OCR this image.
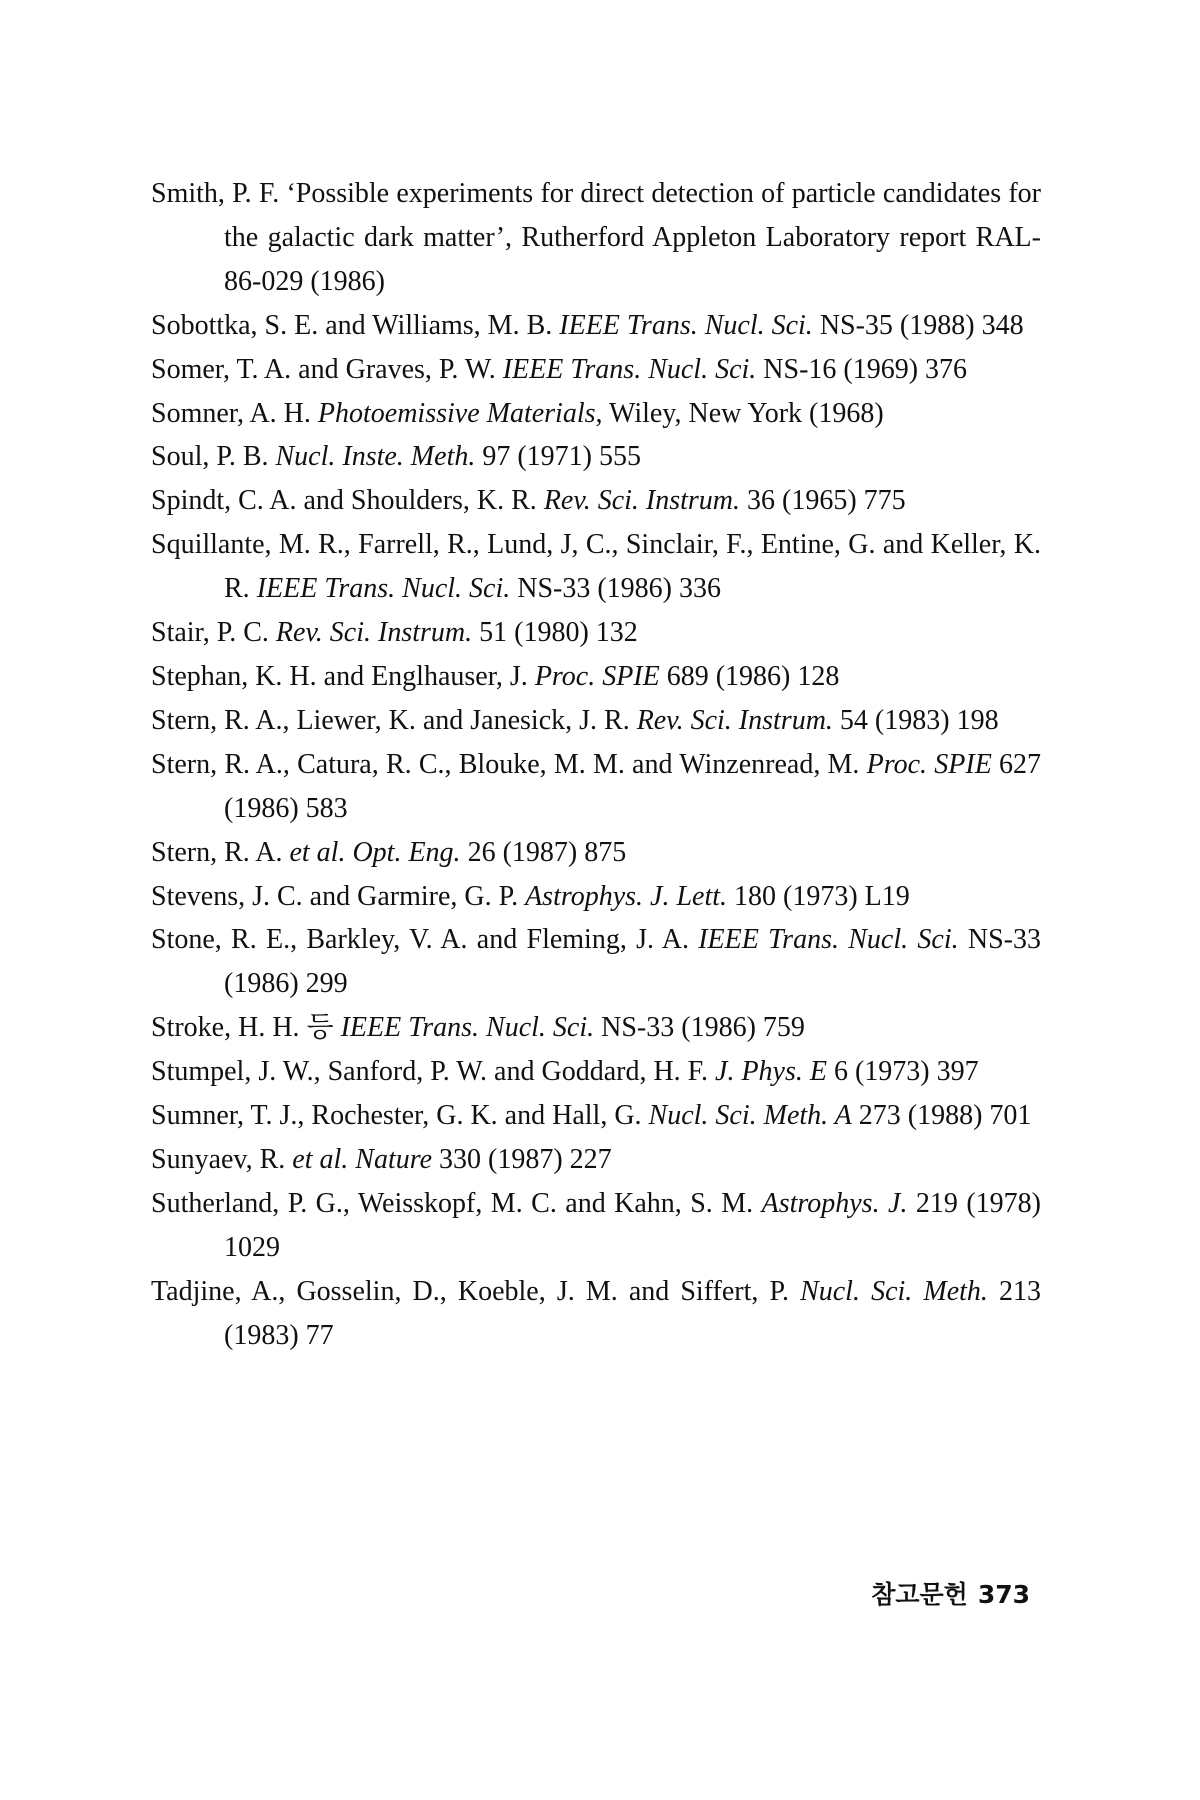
Smith, P. F. ‘Possible experiments for direct detection of particle candidates for the galactic dark matter’, Rutherford Appleton Laboratory report RAL-86-029 (1986)
Sobottka, S. E. and Williams, M. B. IEEE Trans. Nucl. Sci. NS-35 (1988) 348
Somer, T. A. and Graves, P. W. IEEE Trans. Nucl. Sci. NS-16 (1969) 376
Somner, A. H. Photoemissive Materials, Wiley, New York (1968)
Soul, P. B. Nucl. Inste. Meth. 97 (1971) 555
Spindt, C. A. and Shoulders, K. R. Rev. Sci. Instrum. 36 (1965) 775
Squillante, M. R., Farrell, R., Lund, J, C., Sinclair, F., Entine, G. and Keller, K. R. IEEE Trans. Nucl. Sci. NS-33 (1986) 336
Stair, P. C. Rev. Sci. Instrum. 51 (1980) 132
Stephan, K. H. and Englhauser, J. Proc. SPIE 689 (1986) 128
Stern, R. A., Liewer, K. and Janesick, J. R. Rev. Sci. Instrum. 54 (1983) 198
Stern, R. A., Catura, R. C., Blouke, M. M. and Winzenread, M. Proc. SPIE 627 (1986) 583
Stern, R. A. et al. Opt. Eng. 26 (1987) 875
Stevens, J. C. and Garmire, G. P. Astrophys. J. Lett. 180 (1973) L19
Stone, R. E., Barkley, V. A. and Fleming, J. A. IEEE Trans. Nucl. Sci. NS-33 (1986) 299
Stroke, H. H. 등 IEEE Trans. Nucl. Sci. NS-33 (1986) 759
Stumpel, J. W., Sanford, P. W. and Goddard, H. F. J. Phys. E 6 (1973) 397
Sumner, T. J., Rochester, G. K. and Hall, G. Nucl. Sci. Meth. A 273 (1988) 701
Sunyaev, R. et al. Nature 330 (1987) 227
Sutherland, P. G., Weisskopf, M. C. and Kahn, S. M. Astrophys. J. 219 (1978) 1029
Tadjine, A., Gosselin, D., Koeble, J. M. and Siffert, P. Nucl. Sci. Meth. 213 (1983) 77
참고문헌 373
